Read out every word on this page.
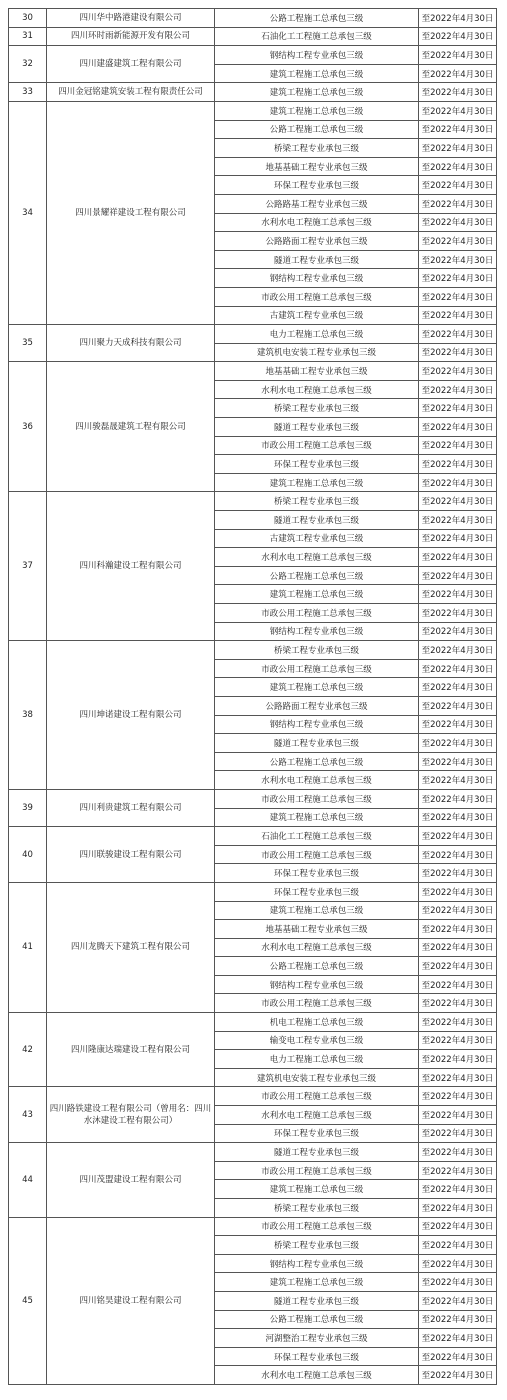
30	四川华中路港建设有限公司	公路工程施工总承包三级	至2022年4月30日
31	四川环时雨新能源开发有限公司	石油化工工程施工总承包三级	至2022年4月30日
32	四川建盛建筑工程有限公司	钢结构工程专业承包三级	至2022年4月30日
		建筑工程施工总承包三级	至2022年4月30日
33	四川金冠铭建筑安装工程有限责任公司	建筑工程施工总承包三级	至2022年4月30日
34	四川景耀祥建设工程有限公司	建筑工程施工总承包三级	至2022年4月30日
		公路工程施工总承包三级	至2022年4月30日
		桥梁工程专业承包三级	至2022年4月30日
		地基基础工程专业承包三级	至2022年4月30日
		环保工程专业承包三级	至2022年4月30日
		公路路基工程专业承包三级	至2022年4月30日
		水利水电工程施工总承包三级	至2022年4月30日
		公路路面工程专业承包三级	至2022年4月30日
		隧道工程专业承包三级	至2022年4月30日
		钢结构工程专业承包三级	至2022年4月30日
		市政公用工程施工总承包三级	至2022年4月30日
		古建筑工程专业承包三级	至2022年4月30日
35	四川聚力天成科技有限公司	电力工程施工总承包三级	至2022年4月30日
		建筑机电安装工程专业承包三级	至2022年4月30日
36	四川骏磊晟建筑工程有限公司	地基基础工程专业承包三级	至2022年4月30日
		水利水电工程施工总承包三级	至2022年4月30日
		桥梁工程专业承包三级	至2022年4月30日
		隧道工程专业承包三级	至2022年4月30日
		市政公用工程施工总承包三级	至2022年4月30日
		环保工程专业承包三级	至2022年4月30日
		建筑工程施工总承包三级	至2022年4月30日
37	四川科瀚建设工程有限公司	桥梁工程专业承包三级	至2022年4月30日
		隧道工程专业承包三级	至2022年4月30日
		古建筑工程专业承包三级	至2022年4月30日
		水利水电工程施工总承包三级	至2022年4月30日
		公路工程施工总承包三级	至2022年4月30日
		建筑工程施工总承包三级	至2022年4月30日
		市政公用工程施工总承包三级	至2022年4月30日
		钢结构工程专业承包三级	至2022年4月30日
38	四川坤诺建设工程有限公司	桥梁工程专业承包三级	至2022年4月30日
		市政公用工程施工总承包三级	至2022年4月30日
		建筑工程施工总承包三级	至2022年4月30日
		公路路面工程专业承包三级	至2022年4月30日
		钢结构工程专业承包三级	至2022年4月30日
		隧道工程专业承包三级	至2022年4月30日
		公路工程施工总承包三级	至2022年4月30日
		水利水电工程施工总承包三级	至2022年4月30日
39	四川利贵建筑工程有限公司	市政公用工程施工总承包三级	至2022年4月30日
		建筑工程施工总承包三级	至2022年4月30日
40	四川联骏建设工程有限公司	石油化工工程施工总承包三级	至2022年4月30日
		市政公用工程施工总承包三级	至2022年4月30日
		环保工程专业承包三级	至2022年4月30日
41	四川龙腾天下建筑工程有限公司	环保工程专业承包三级	至2022年4月30日
		建筑工程施工总承包三级	至2022年4月30日
		地基基础工程专业承包三级	至2022年4月30日
		水利水电工程施工总承包三级	至2022年4月30日
		公路工程施工总承包三级	至2022年4月30日
		钢结构工程专业承包三级	至2022年4月30日
		市政公用工程施工总承包三级	至2022年4月30日
42	四川隆康达瑞建设工程有限公司	机电工程施工总承包三级	至2022年4月30日
		输变电工程专业承包三级	至2022年4月30日
		电力工程施工总承包三级	至2022年4月30日
		建筑机电安装工程专业承包三级	至2022年4月30日
43	四川路铁建设工程有限公司（曾用名：四川水沐建设工程有限公司）	市政公用工程施工总承包三级	至2022年4月30日
		水利水电工程施工总承包三级	至2022年4月30日
		环保工程专业承包三级	至2022年4月30日
44	四川茂盟建设工程有限公司	隧道工程专业承包三级	至2022年4月30日
		市政公用工程施工总承包三级	至2022年4月30日
		建筑工程施工总承包三级	至2022年4月30日
		桥梁工程专业承包三级	至2022年4月30日
45	四川铭昊建设工程有限公司	市政公用工程施工总承包三级	至2022年4月30日
		桥梁工程专业承包三级	至2022年4月30日
		钢结构工程专业承包三级	至2022年4月30日
		建筑工程施工总承包三级	至2022年4月30日
		隧道工程专业承包三级	至2022年4月30日
		公路工程施工总承包三级	至2022年4月30日
		河湖整治工程专业承包三级	至2022年4月30日
		环保工程专业承包三级	至2022年4月30日
		水利水电工程施工总承包三级	至2022年4月30日
